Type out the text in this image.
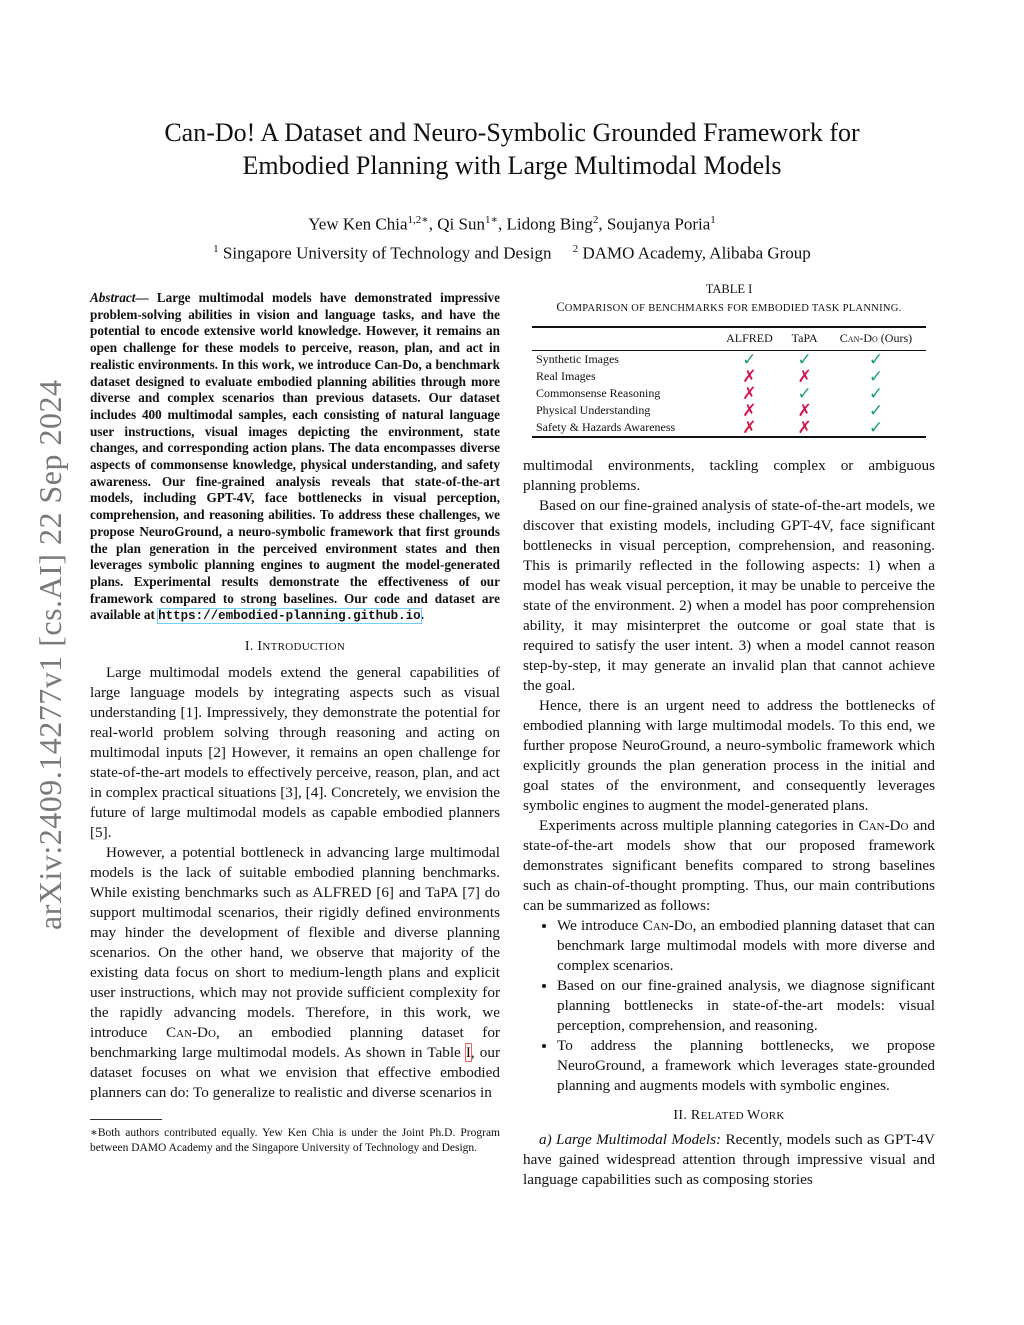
arXiv:2409.14277v1 [cs.AI] 22 Sep 2024
Can-Do! A Dataset and Neuro-Symbolic Grounded Framework for
Embodied Planning with Large Multimodal Models
Yew Ken Chia$^{1,2∗}$, Qi Sun$^{1∗}$, Lidong Bing$^2$, Soujanya Poria$^1$
$^1$ Singapore University of Technology and Design $^2$ DAMO Academy, Alibaba Group
Abstract— Large multimodal models have demonstrated impressive problem-solving abilities in vision and language tasks, and have the potential to encode extensive world knowledge. However, it remains an open challenge for these models to perceive, reason, plan, and act in realistic environments. In this work, we introduce Can-Do, a benchmark dataset designed to evaluate embodied planning abilities through more diverse and complex scenarios than previous datasets. Our dataset includes 400 multimodal samples, each consisting of natural language user instructions, visual images depicting the environment, state changes, and corresponding action plans. The data encompasses diverse aspects of commonsense knowledge, physical understanding, and safety awareness. Our fine-grained analysis reveals that state-of-the-art models, including GPT-4V, face bottlenecks in visual perception, comprehension, and reasoning abilities. To address these challenges, we propose NeuroGround, a neuro-symbolic framework that first grounds the plan generation in the perceived environment states and then leverages symbolic planning engines to augment the model-generated plans. Experimental results demonstrate the effectiveness of our framework compared to strong baselines. Our code and dataset are available at https://embodied-planning.github.io.
I. INTRODUCTION

Large multimodal models extend the general capabilities of large language models by integrating aspects such as visual understanding [1]. Impressively, they demonstrate the potential for real-world problem solving through reasoning and acting on multimodal inputs [2] However, it remains an open challenge for state-of-the-art models to effectively perceive, reason, plan, and act in complex practical situations [3], [4]. Concretely, we envision the future of large multimodal models as capable embodied planners [5].

However, a potential bottleneck in advancing large multimodal models is the lack of suitable embodied planning benchmarks. While existing benchmarks such as ALFRED [6] and TaPA [7] do support multimodal scenarios, their rigidly defined environments may hinder the development of flexible and diverse planning scenarios. On the other hand, we observe that majority of the existing data focus on short to medium-length plans and explicit user instructions, which may not provide sufficient complexity for the rapidly advancing models. Therefore, in this work, we introduce Can-Do, an embodied planning dataset for benchmarking large multimodal models. As shown in Table I, our dataset focuses on what we envision that effective embodied planners can do: To generalize to realistic and diverse scenarios in

∗Both authors contributed equally. Yew Ken Chia is under the Joint Ph.D. Program between DAMO Academy and the Singapore University of Technology and Design.
TABLE I
COMPARISON OF BENCHMARKS FOR EMBODIED TASK PLANNING.
	ALFRED	TaPA	Can-Do (Ours)
Synthetic Images	✓	✓	✓
Real Images	✗	✗	✓
Commonsense Reasoning	✗	✓	✓
Physical Understanding	✗	✗	✓
Safety & Hazards Awareness	✗	✗	✓

multimodal environments, tackling complex or ambiguous planning problems.

Based on our fine-grained analysis of state-of-the-art models, we discover that existing models, including GPT-4V, face significant bottlenecks in visual perception, comprehension, and reasoning. This is primarily reflected in the following aspects: 1) when a model has weak visual perception, it may be unable to perceive the state of the environment. 2) when a model has poor comprehension ability, it may misinterpret the outcome or goal state that is required to satisfy the user intent. 3) when a model cannot reason step-by-step, it may generate an invalid plan that cannot achieve the goal.

Hence, there is an urgent need to address the bottlenecks of embodied planning with large multimodal models. To this end, we further propose NeuroGround, a neuro-symbolic framework which explicitly grounds the plan generation process in the initial and goal states of the environment, and consequently leverages symbolic engines to augment the model-generated plans.

Experiments across multiple planning categories in Can-Do and state-of-the-art models show that our proposed framework demonstrates significant benefits compared to strong baselines such as chain-of-thought prompting. Thus, our main contributions can be summarized as follows:

• We introduce Can-Do, an embodied planning dataset that can benchmark large multimodal models with more diverse and complex scenarios.
• Based on our fine-grained analysis, we diagnose significant planning bottlenecks in state-of-the-art models: visual perception, comprehension, and reasoning.
• To address the planning bottlenecks, we propose NeuroGround, a framework which leverages state-grounded planning and augments models with symbolic engines.
II. RELATED WORK

a) Large Multimodal Models: Recently, models such as GPT-4V have gained widespread attention through impressive visual and language capabilities such as composing stories
